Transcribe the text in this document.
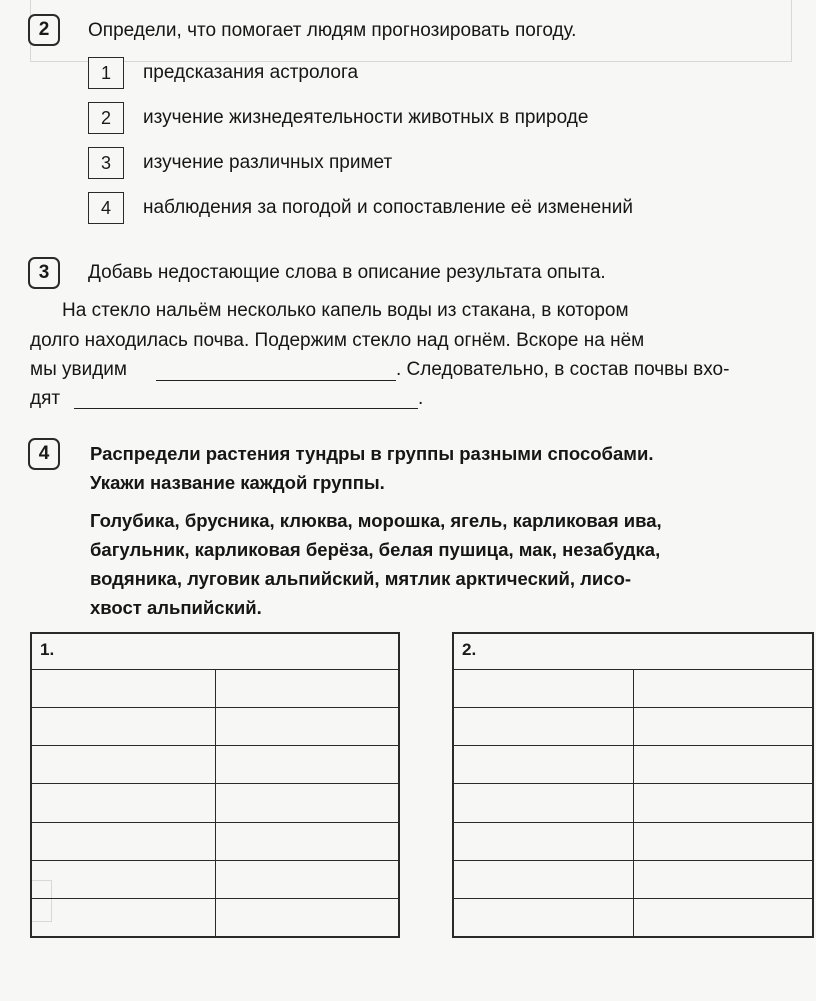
2	Определи, что помогает людям прогнозировать погоду.
1	предсказания астролога
2	изучение жизнедеятельности животных в природе
3	изучение различных примет
4	наблюдения за погодой и сопоставление её изменений
3	Добавь недостающие слова в описание результата опыта.
На стекло нальём несколько капель воды из стакана, в котором
долго находилась почва. Подержим стекло над огнём. Вскоре на нём
мы увидим	. Следовательно, в состав почвы вхо-
дят	.
4	Распредели растения тундры в группы разными способами.
Укажи название каждой группы.
Голубика, брусника, клюква, морошка, ягель, карликовая ива,
багульник, карликовая берёза, белая пушица, мак, незабудка,
водяника, луговик альпийский, мятлик арктический, лисо-
хвост альпийский.
1.	

		2.	
